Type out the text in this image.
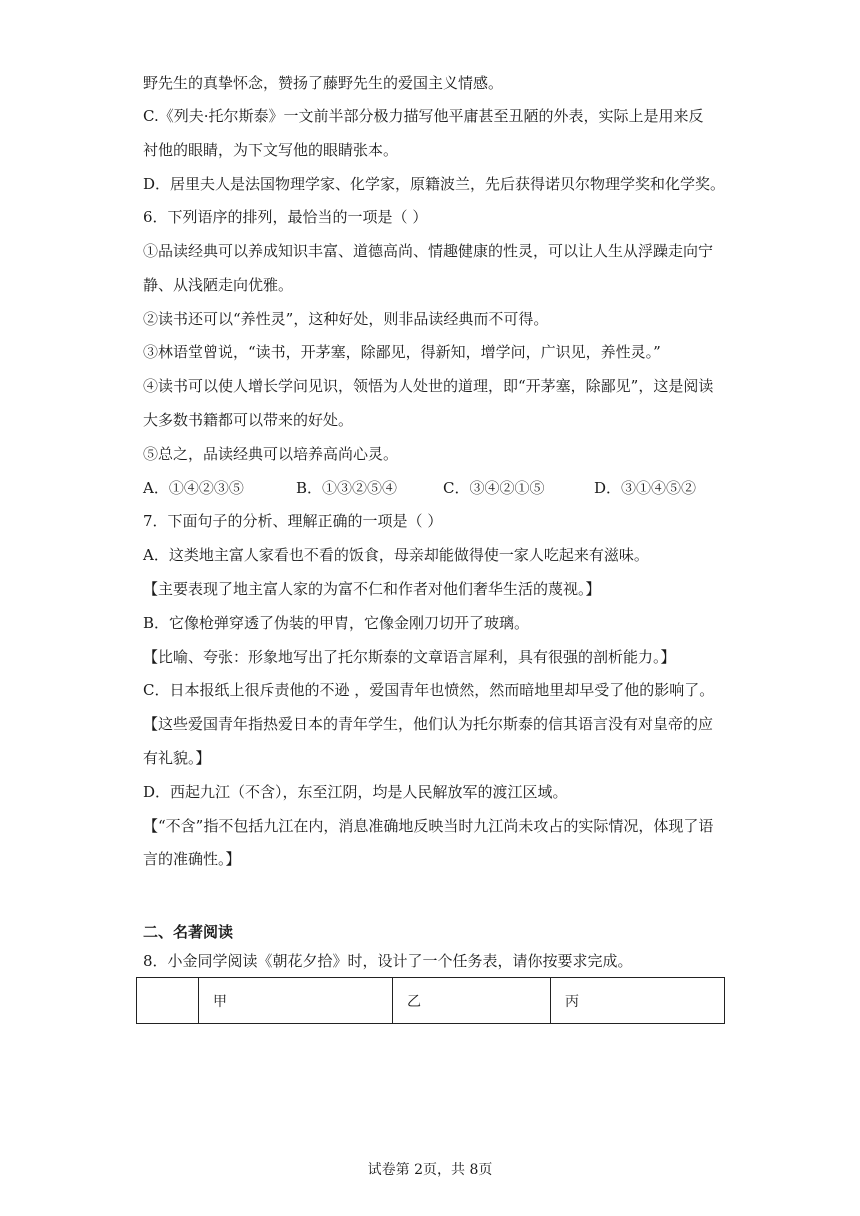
野先生的真挚怀念，赞扬了藤野先生的爱国主义情感。
C.《列夫·托尔斯泰》一文前半部分极力描写他平庸甚至丑陋的外表，实际上是用来反
衬他的眼睛，为下文写他的眼睛张本。
D．居里夫人是法国物理学家、化学家，原籍波兰，先后获得诺贝尔物理学奖和化学奖。
6．下列语序的排列，最恰当的一项是（ ）
①品读经典可以养成知识丰富、道德高尚、情趣健康的性灵，可以让人生从浮躁走向宁
静、从浅陋走向优雅。
②读书还可以“养性灵”，这种好处，则非品读经典而不可得。
③林语堂曾说，“读书，开茅塞，除鄙见，得新知，增学问，广识见，养性灵。”
④读书可以使人增长学问见识，领悟为人处世的道理，即“开茅塞，除鄙见”，这是阅读
大多数书籍都可以带来的好处。
⑤总之，品读经典可以培养高尚心灵。
A．①④②③⑤	B．①③②⑤④	C．③④②①⑤	D．③①④⑤②
7．下面句子的分析、理解正确的一项是（ ）
A．这类地主富人家看也不看的饭食，母亲却能做得使一家人吃起来有滋味。
【主要表现了地主富人家的为富不仁和作者对他们奢华生活的蔑视。】
B．它像枪弹穿透了伪装的甲胄，它像金刚刀切开了玻璃。
【比喻、夸张：形象地写出了托尔斯泰的文章语言犀利，具有很强的剖析能力。】
C．日本报纸上很斥责他的不逊 ，爱国青年也愤然，然而暗地里却早受了他的影响了。
【这些爱国青年指热爱日本的青年学生，他们认为托尔斯泰的信其语言没有对皇帝的应
有礼貌。】
D．西起九江（不含），东至江阴，均是人民解放军的渡江区域。
【“不含”指不包括九江在内，消息准确地反映当时九江尚未攻占的实际情况，体现了语
言的准确性。】
二、名著阅读
8．小金同学阅读《朝花夕拾》时，设计了一个任务表，请你按要求完成。
	甲	乙	丙
试卷第 2页，共 8页
